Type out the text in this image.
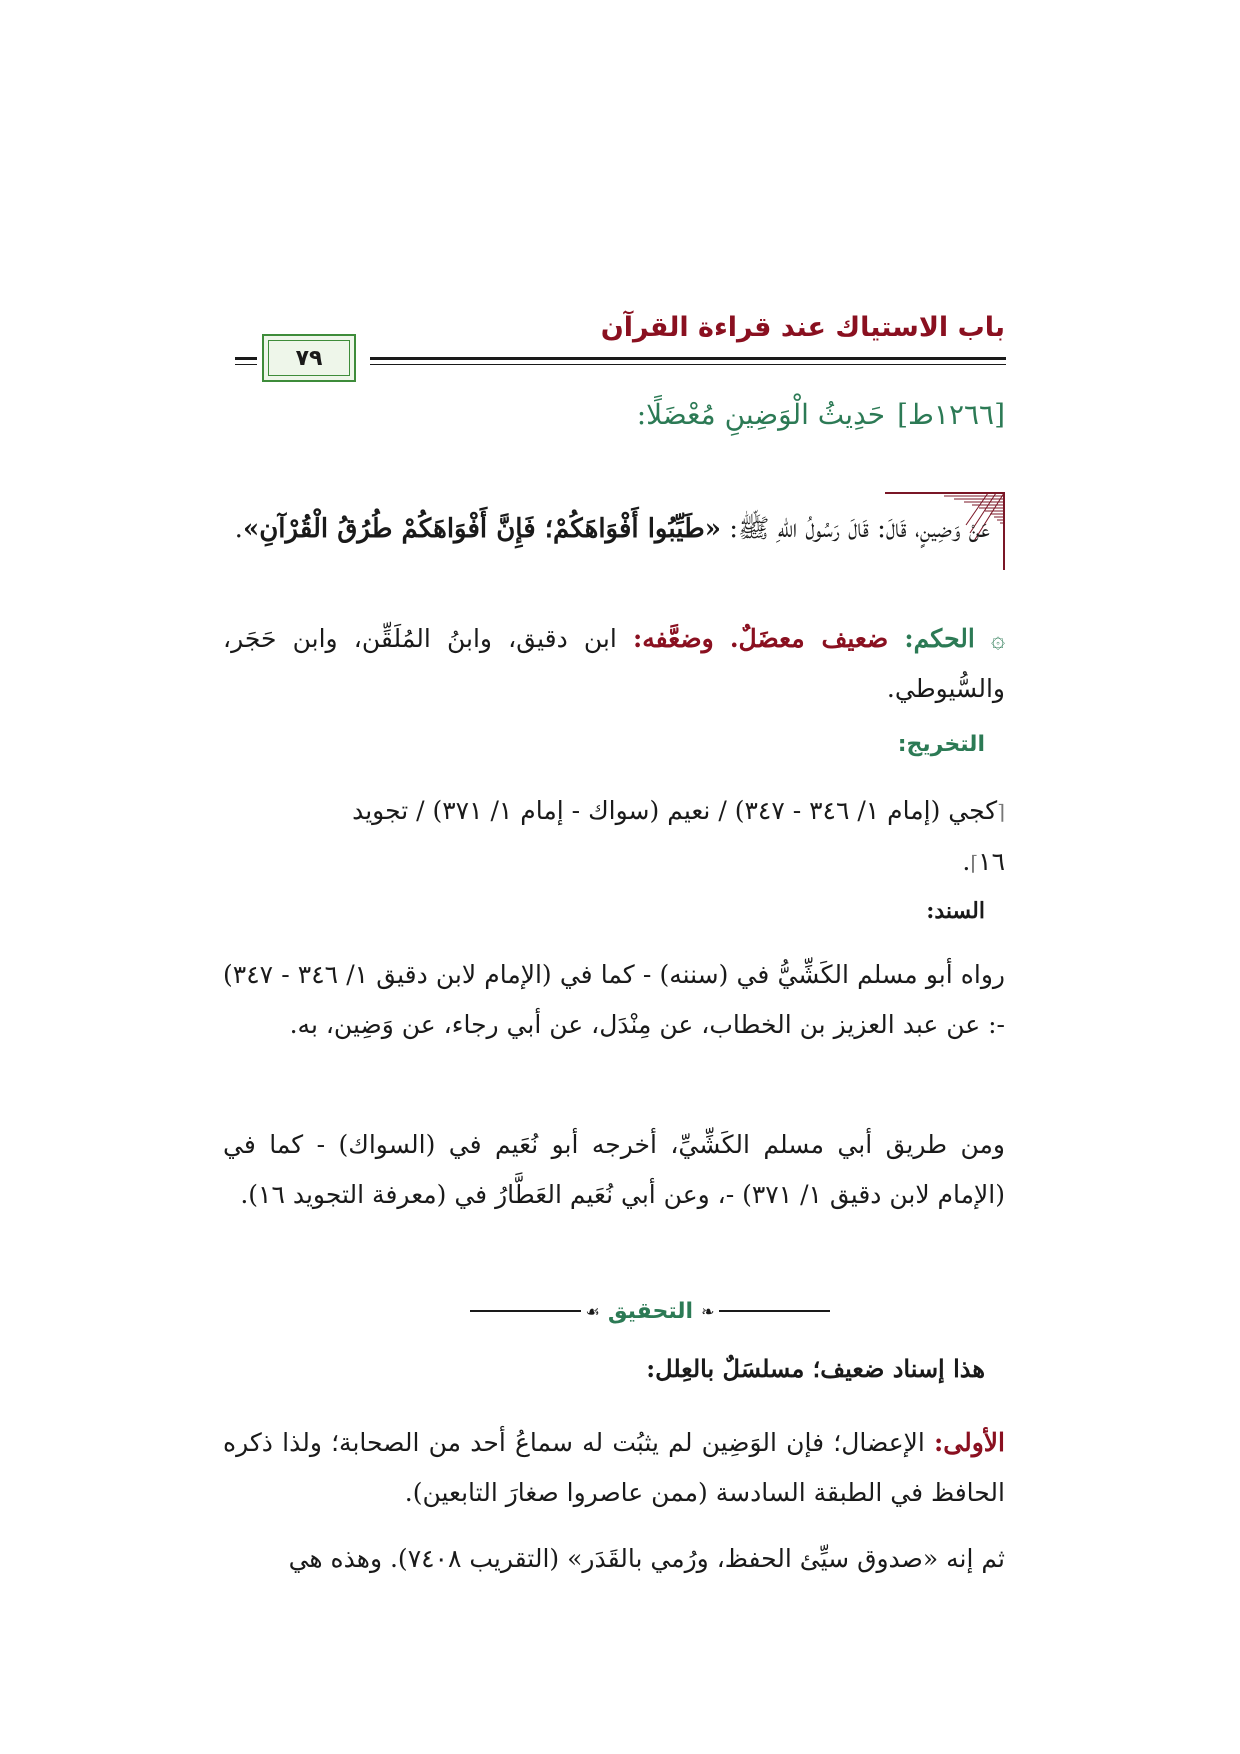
باب الاستياك عند قراءة القرآن
٧٩
[١٢٦٦ط]حَدِيثُ الْوَضِينِ مُعْضَلًا:
عَنْ وَضِينٍ، قَالَ: قَالَ رَسُولُ اللهِ ﷺ: «طَيِّبُوا أَفْوَاهَكُمْ؛ فَإِنَّ أَفْوَاهَكُمْ طُرُقُ الْقُرْآنِ».
۞ الحكم: ضعيف معضَلٌ. وضعَّفه: ابن دقيق، وابنُ المُلَقِّن، وابن حَجَر، والسُّيوطي.
التخريج:
⌈كجي (إمام ١/ ٣٤٦ - ٣٤٧) / نعيم (سواك - إمام ١/ ٣٧١) / تجويد
١٦⌉.
السند:
رواه أبو مسلم الكَشِّيُّ في (سننه) - كما في (الإمام لابن دقيق ١/ ٣٤٦ - ٣٤٧) -: عن عبد العزيز بن الخطاب، عن مِنْدَل، عن أبي رجاء، عن وَضِين، به.
ومن طريق أبي مسلم الكَشِّيِّ، أخرجه أبو نُعَيم في (السواك) - كما في (الإمام لابن دقيق ١/ ٣٧١) -، وعن أبي نُعَيم العَطَّارُ في (معرفة التجويد ١٦).
❧
التحقيق
☙
هذا إسناد ضعيف؛ مسلسَلٌ بالعِلل:
الأولى: الإعضال؛ فإن الوَضِين لم يثبُت له سماعُ أحد من الصحابة؛ ولذا ذكره الحافظ في الطبقة السادسة (ممن عاصروا صغارَ التابعين).
ثم إنه «صدوق سيِّئ الحفظ، ورُمي بالقَدَر» (التقريب ٧٤٠٨). وهذه هي
